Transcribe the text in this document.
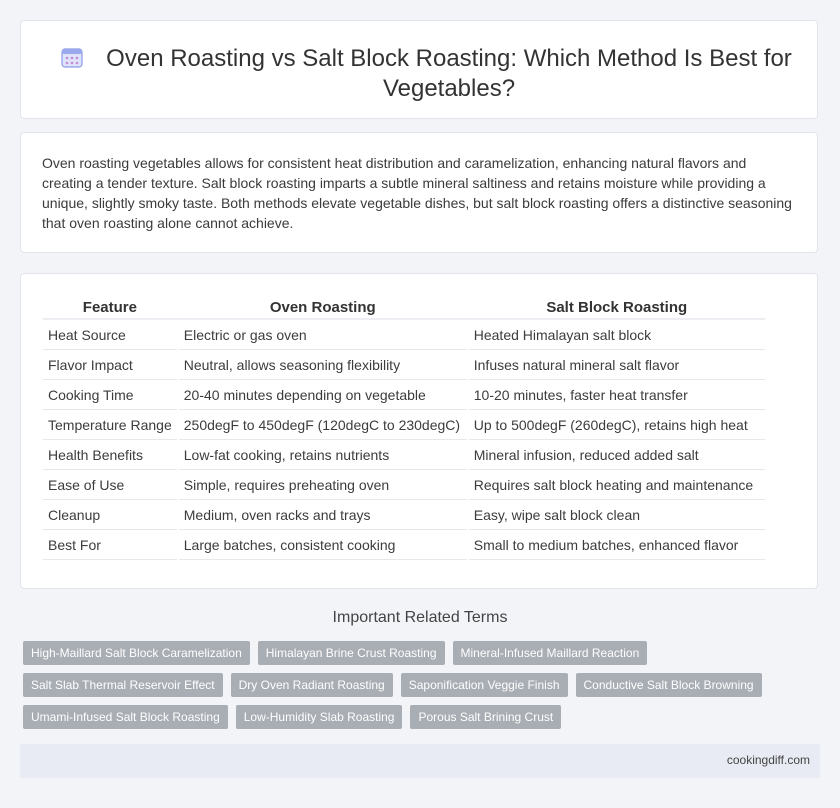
Oven Roasting vs Salt Block Roasting: Which Method Is Best for Vegetables?
Oven roasting vegetables allows for consistent heat distribution and caramelization, enhancing natural flavors and creating a tender texture. Salt block roasting imparts a subtle mineral saltiness and retains moisture while providing a unique, slightly smoky taste. Both methods elevate vegetable dishes, but salt block roasting offers a distinctive seasoning that oven roasting alone cannot achieve.
Feature	Oven Roasting	Salt Block Roasting
Heat Source	Electric or gas oven	Heated Himalayan salt block
Flavor Impact	Neutral, allows seasoning flexibility	Infuses natural mineral salt flavor
Cooking Time	20-40 minutes depending on vegetable	10-20 minutes, faster heat transfer
Temperature Range	250degF to 450degF (120degC to 230degC)	Up to 500degF (260degC), retains high heat
Health Benefits	Low-fat cooking, retains nutrients	Mineral infusion, reduced added salt
Ease of Use	Simple, requires preheating oven	Requires salt block heating and maintenance
Cleanup	Medium, oven racks and trays	Easy, wipe salt block clean
Best For	Large batches, consistent cooking	Small to medium batches, enhanced flavor
Important Related Terms
High-Maillard Salt Block Caramelization	Himalayan Brine Crust Roasting	Mineral-Infused Maillard Reaction
Salt Slab Thermal Reservoir Effect	Dry Oven Radiant Roasting	Saponification Veggie Finish	Conductive Salt Block Browning
Umami-Infused Salt Block Roasting	Low-Humidity Slab Roasting	Porous Salt Brining Crust
cookingdiff.com
